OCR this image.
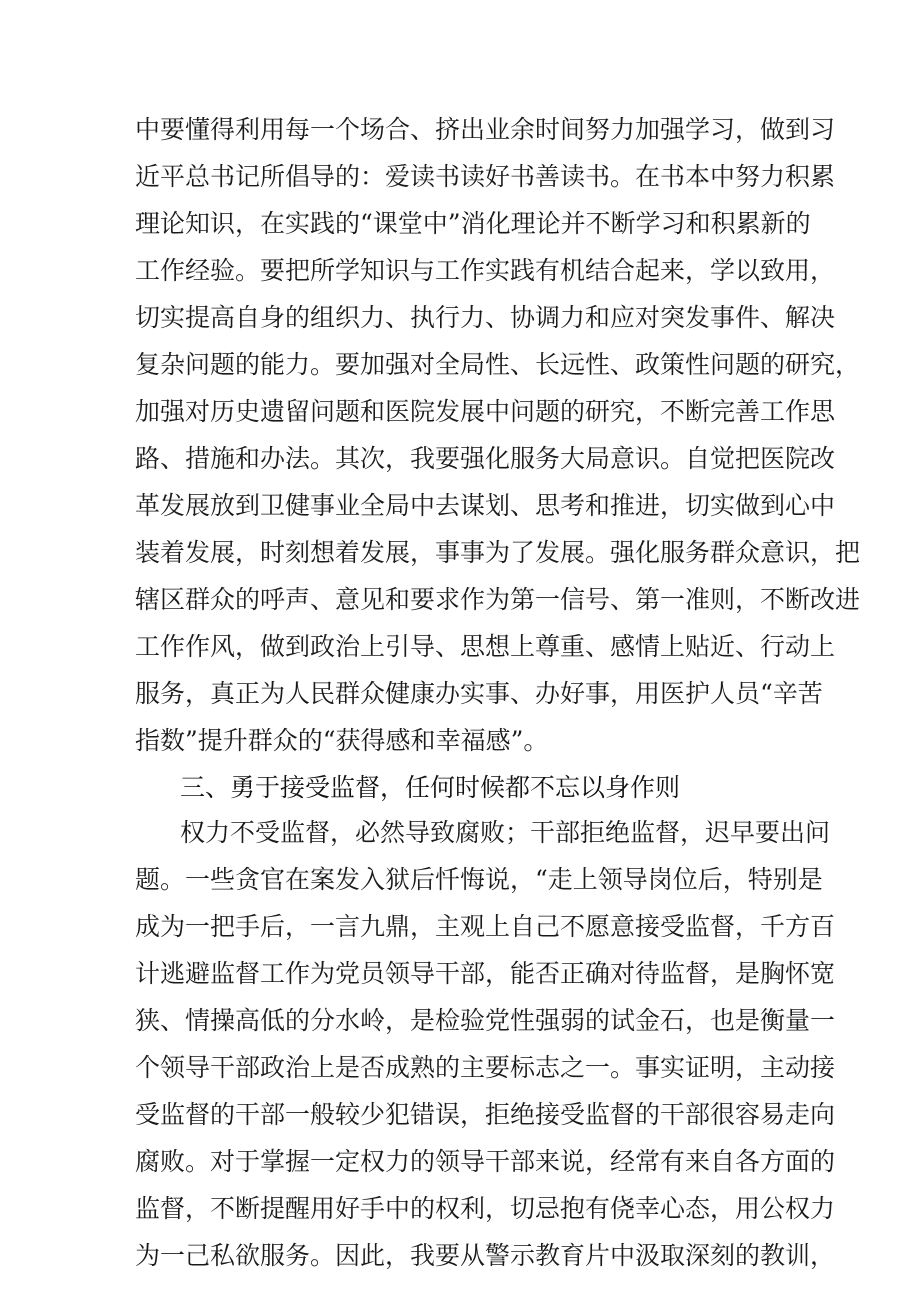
中要懂得利用每一个场合、挤出业余时间努力加强学习，做到习
近平总书记所倡导的：爱读书读好书善读书。在书本中努力积累
理论知识，在实践的“课堂中”消化理论并不断学习和积累新的
工作经验。要把所学知识与工作实践有机结合起来，学以致用，
切实提高自身的组织力、执行力、协调力和应对突发事件、解决
复杂问题的能力。要加强对全局性、长远性、政策性问题的研究，
加强对历史遗留问题和医院发展中问题的研究，不断完善工作思
路、措施和办法。其次，我要强化服务大局意识。自觉把医院改
革发展放到卫健事业全局中去谋划、思考和推进，切实做到心中
装着发展，时刻想着发展，事事为了发展。强化服务群众意识，把
辖区群众的呼声、意见和要求作为第一信号、第一准则，不断改进
工作作风，做到政治上引导、思想上尊重、感情上贴近、行动上
服务，真正为人民群众健康办实事、办好事，用医护人员“辛苦
指数”提升群众的“获得感和幸福感”。
三、勇于接受监督，任何时候都不忘以身作则
权力不受监督，必然导致腐败；干部拒绝监督，迟早要出问
题。一些贪官在案发入狱后忏悔说，“走上领导岗位后，特别是
成为一把手后，一言九鼎，主观上自己不愿意接受监督，千方百
计逃避监督工作为党员领导干部，能否正确对待监督，是胸怀宽
狭、情操高低的分水岭，是检验党性强弱的试金石，也是衡量一
个领导干部政治上是否成熟的主要标志之一。事实证明，主动接
受监督的干部一般较少犯错误，拒绝接受监督的干部很容易走向
腐败。对于掌握一定权力的领导干部来说，经常有来自各方面的
监督，不断提醒用好手中的权利，切忌抱有侥幸心态，用公权力
为一己私欲服务。因此，我要从警示教育片中汲取深刻的教训，
